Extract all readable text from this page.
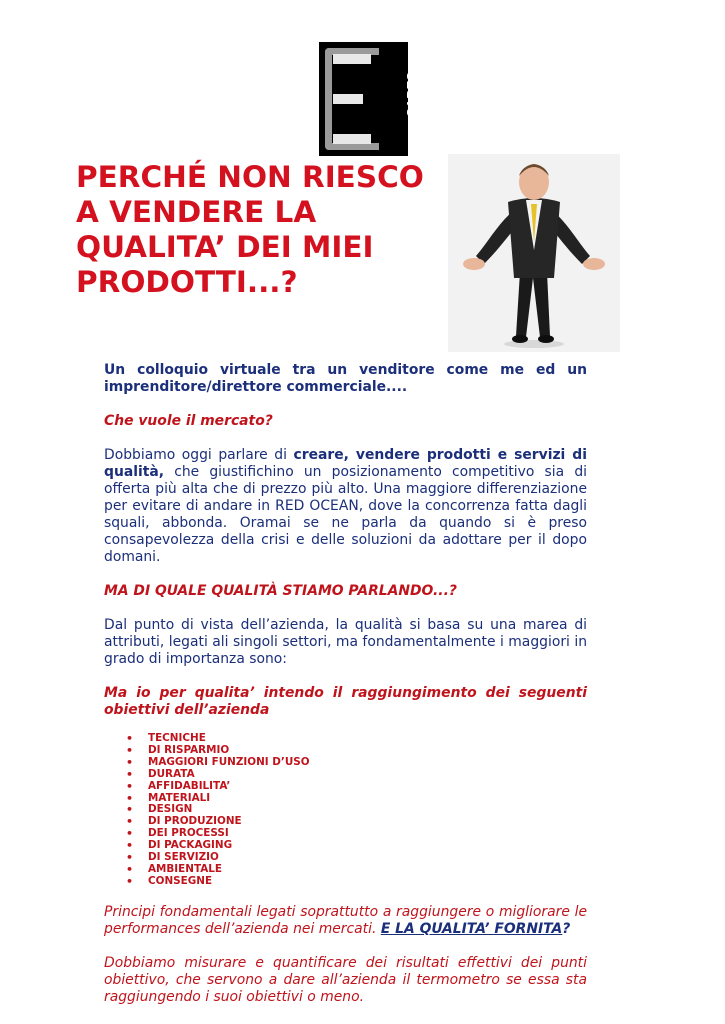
SABES
PERCHÉ NON RIESCO A VENDERE LA QUALITA’ DEI MIEI PRODOTTI...?

Un colloquio virtuale tra un venditore come me ed un imprenditore/direttore commerciale....

Che vuole il mercato?

Dobbiamo oggi parlare di creare, vendere prodotti e servizi di qualità, che giustifichino un posizionamento competitivo sia di offerta più alta che di prezzo più alto. Una maggiore differenziazione per evitare di andare in RED OCEAN, dove la concorrenza fatta dagli squali, abbonda. Oramai se ne parla da quando si è preso consapevolezza della crisi e delle soluzioni da adottare per il dopo domani.

MA DI QUALE QUALITÀ STIAMO PARLANDO...?

Dal punto di vista dell’azienda, la qualità si basa su una marea di attributi, legati ali singoli settori, ma fondamentalmente i maggiori in grado di importanza sono:

Ma io per qualita’ intendo il raggiungimento dei seguenti obiettivi dell’azienda

• TECNICHE
• DI RISPARMIO
• MAGGIORI FUNZIONI D’USO
• DURATA
• AFFIDABILITA’
• MATERIALI
• DESIGN
• DI PRODUZIONE
• DEI PROCESSI
• DI PACKAGING
• DI SERVIZIO
• AMBIENTALE
• CONSEGNE

Principi fondamentali legati soprattutto a raggiungere o migliorare le performances dell’azienda nei mercati. E LA QUALITA’ FORNITA?

Dobbiamo misurare e quantificare dei risultati effettivi dei punti obiettivo, che servono a dare all’azienda il termometro se essa sta raggiungendo i suoi obiettivi o meno.
